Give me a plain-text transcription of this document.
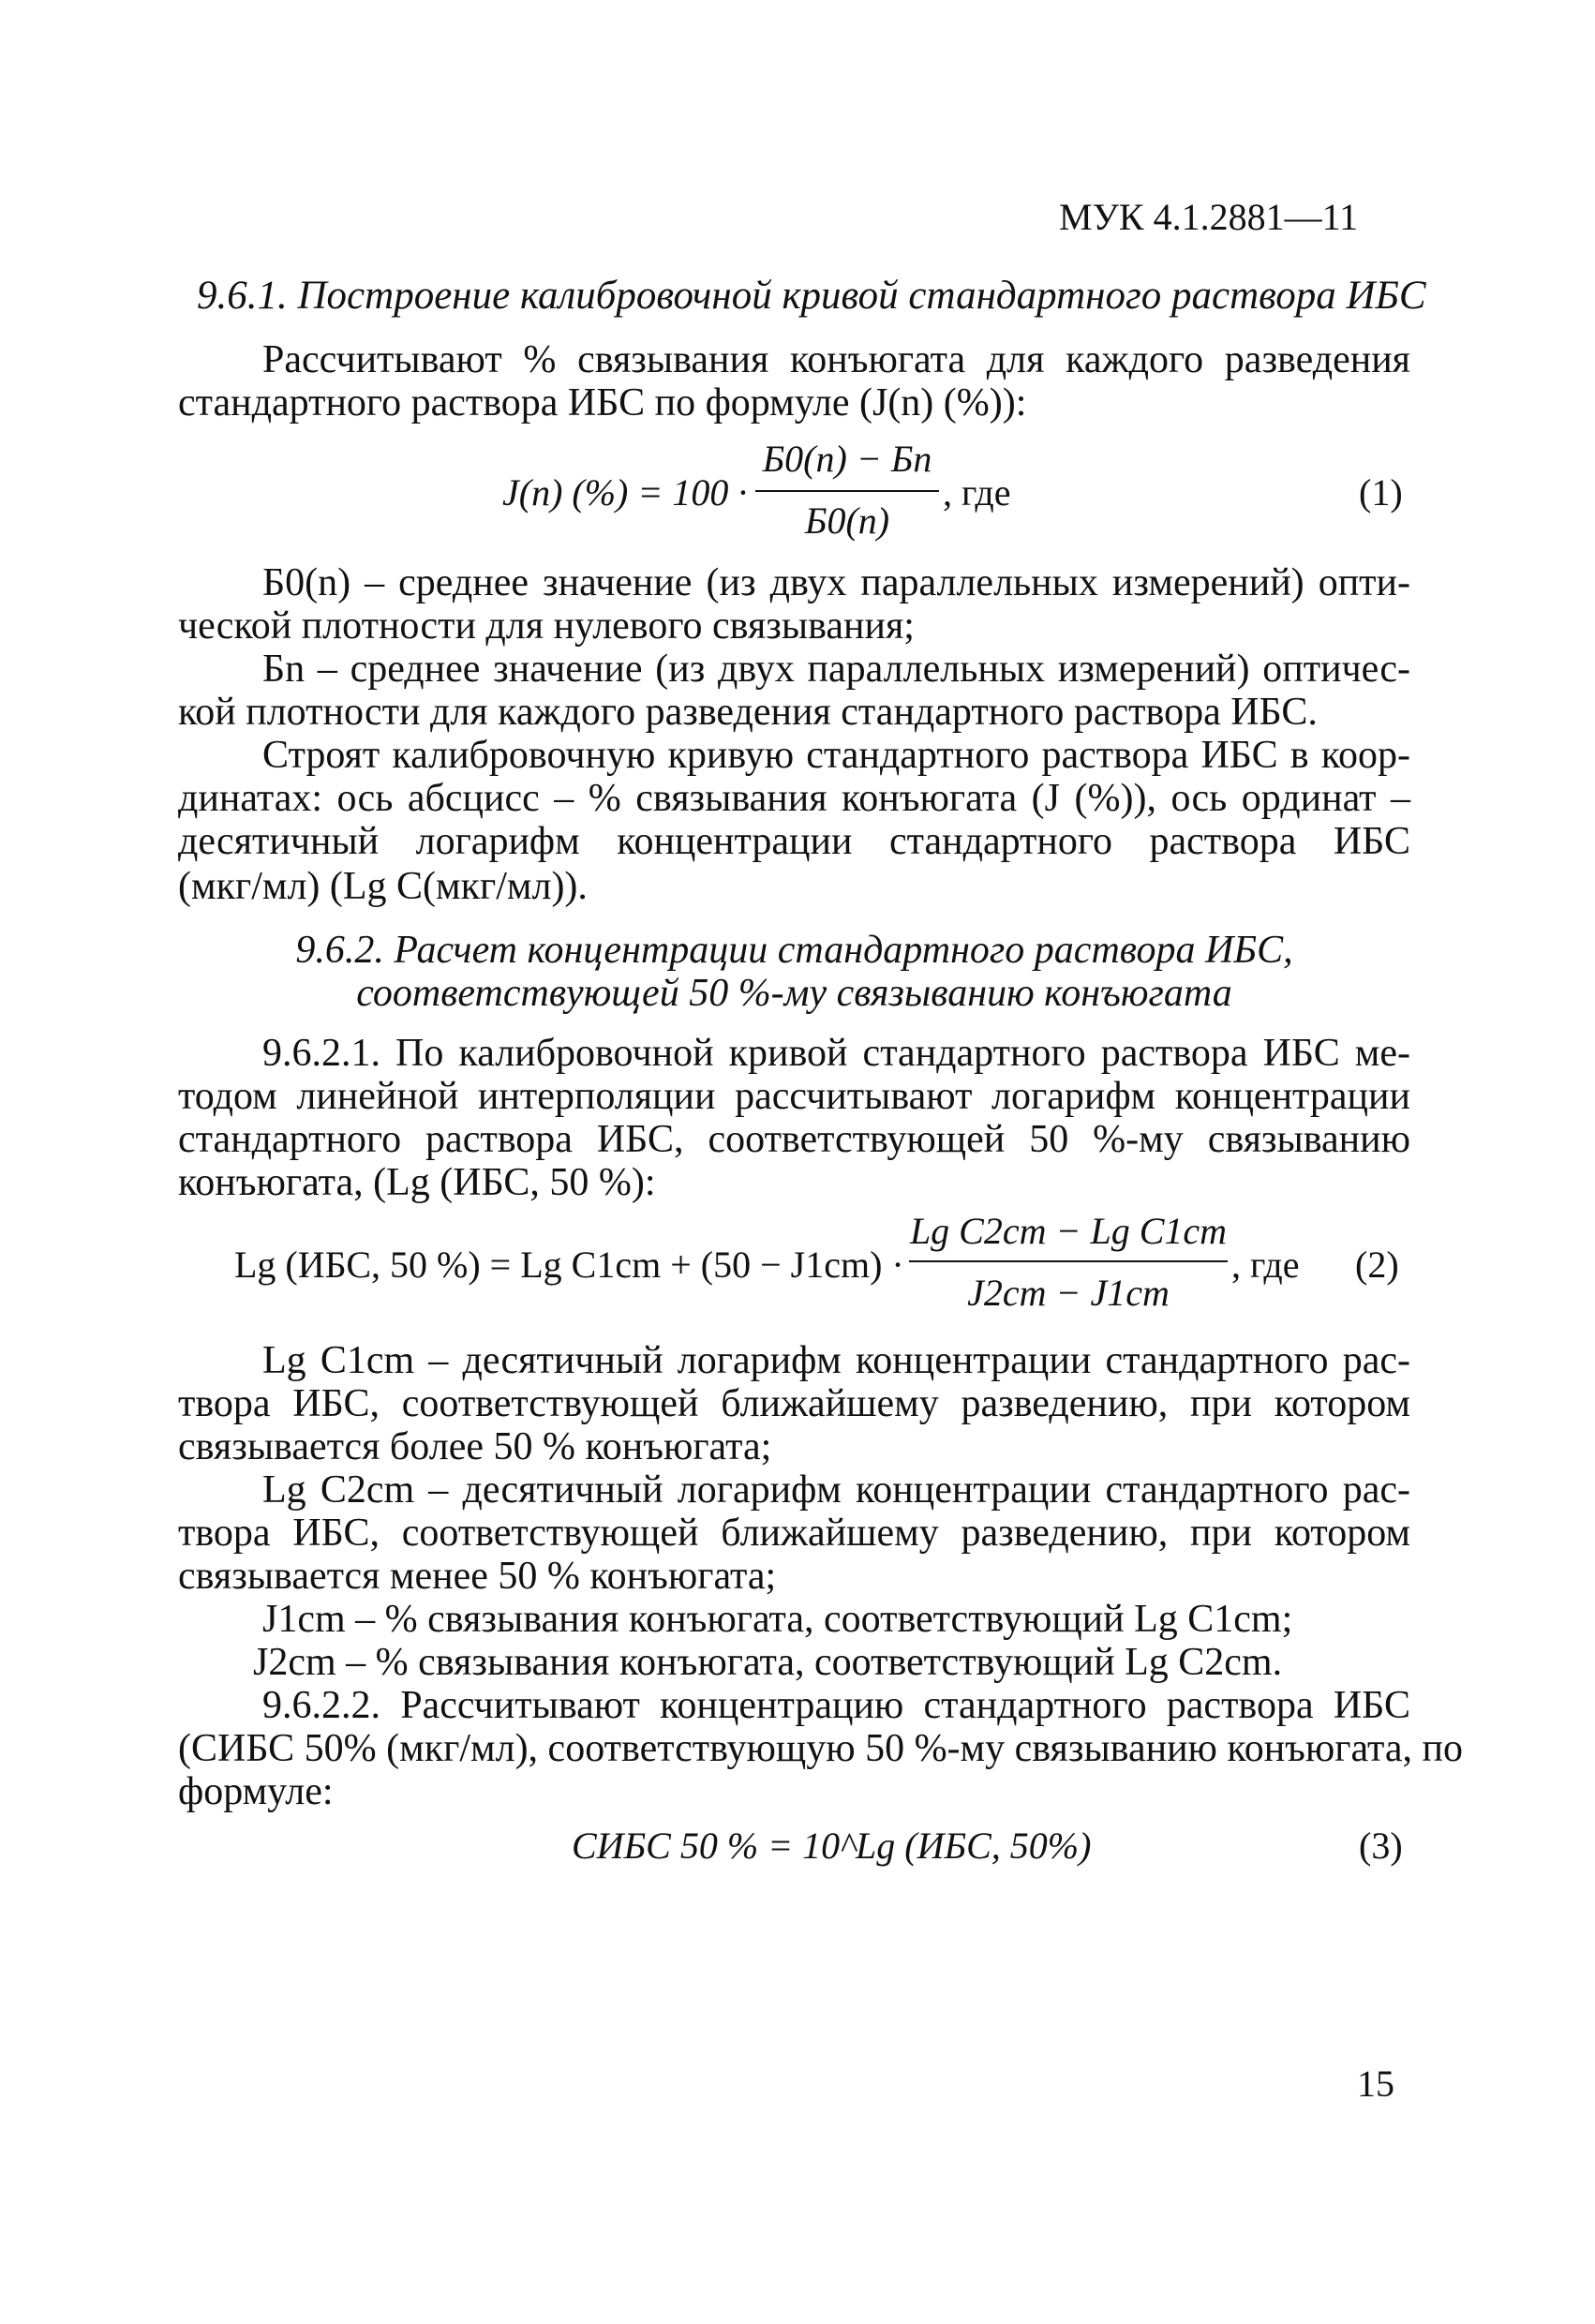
МУК 4.1.2881—11
9.6.1. Построение калибровочной кривой стандартного раствора ИБС
Рассчитывают % связывания конъюгата для каждого разведения
стандартного раствора ИБС по формуле (J(n) (%)):
J(n) (%) = 100 ·
Б0(n) − Бn
Б0(n)
, где	(1)
Б0(n) – среднее значение (из двух параллельных измерений) опти-
ческой плотности для нулевого связывания;
Бn – среднее значение (из двух параллельных измерений) оптичес-
кой плотности для каждого разведения стандартного раствора ИБС.
Строят калибровочную кривую стандартного раствора ИБС в коор-
динатах: ось абсцисс – % связывания конъюгата (J (%)), ось ординат –
десятичный логарифм концентрации стандартного раствора ИБС
(мкг/мл) (Lg C(мкг/мл)).
9.6.2. Расчет концентрации стандартного раствора ИБС,
соответствующей 50 %-му связыванию конъюгата
9.6.2.1. По калибровочной кривой стандартного раствора ИБС ме-
тодом линейной интерполяции рассчитывают логарифм концентрации
стандартного раствора ИБС, соответствующей 50 %-му связыванию
конъюгата, (Lg (ИБС, 50 %):
Lg (ИБС, 50 %) = Lg C1cm + (50 − J1cm) ·
Lg C2cm − Lg C1cm
J2cm − J1cm
, где (2)
Lg C1cm – десятичный логарифм концентрации стандартного рас-
твора ИБС, соответствующей ближайшему разведению, при котором
связывается более 50 % конъюгата;
Lg C2cm – десятичный логарифм концентрации стандартного рас-
твора ИБС, соответствующей ближайшему разведению, при котором
связывается менее 50 % конъюгата;
J1cm – % связывания конъюгата, соответствующий Lg C1cm;
J2cm – % связывания конъюгата, соответствующий Lg C2cm.
9.6.2.2. Рассчитывают концентрацию стандартного раствора ИБС
(CИБС 50% (мкг/мл), соответствующую 50 %-му связыванию конъюгата, по
формуле:
CИБС 50 % = 10^Lg (ИБС, 50%)	(3)
15
